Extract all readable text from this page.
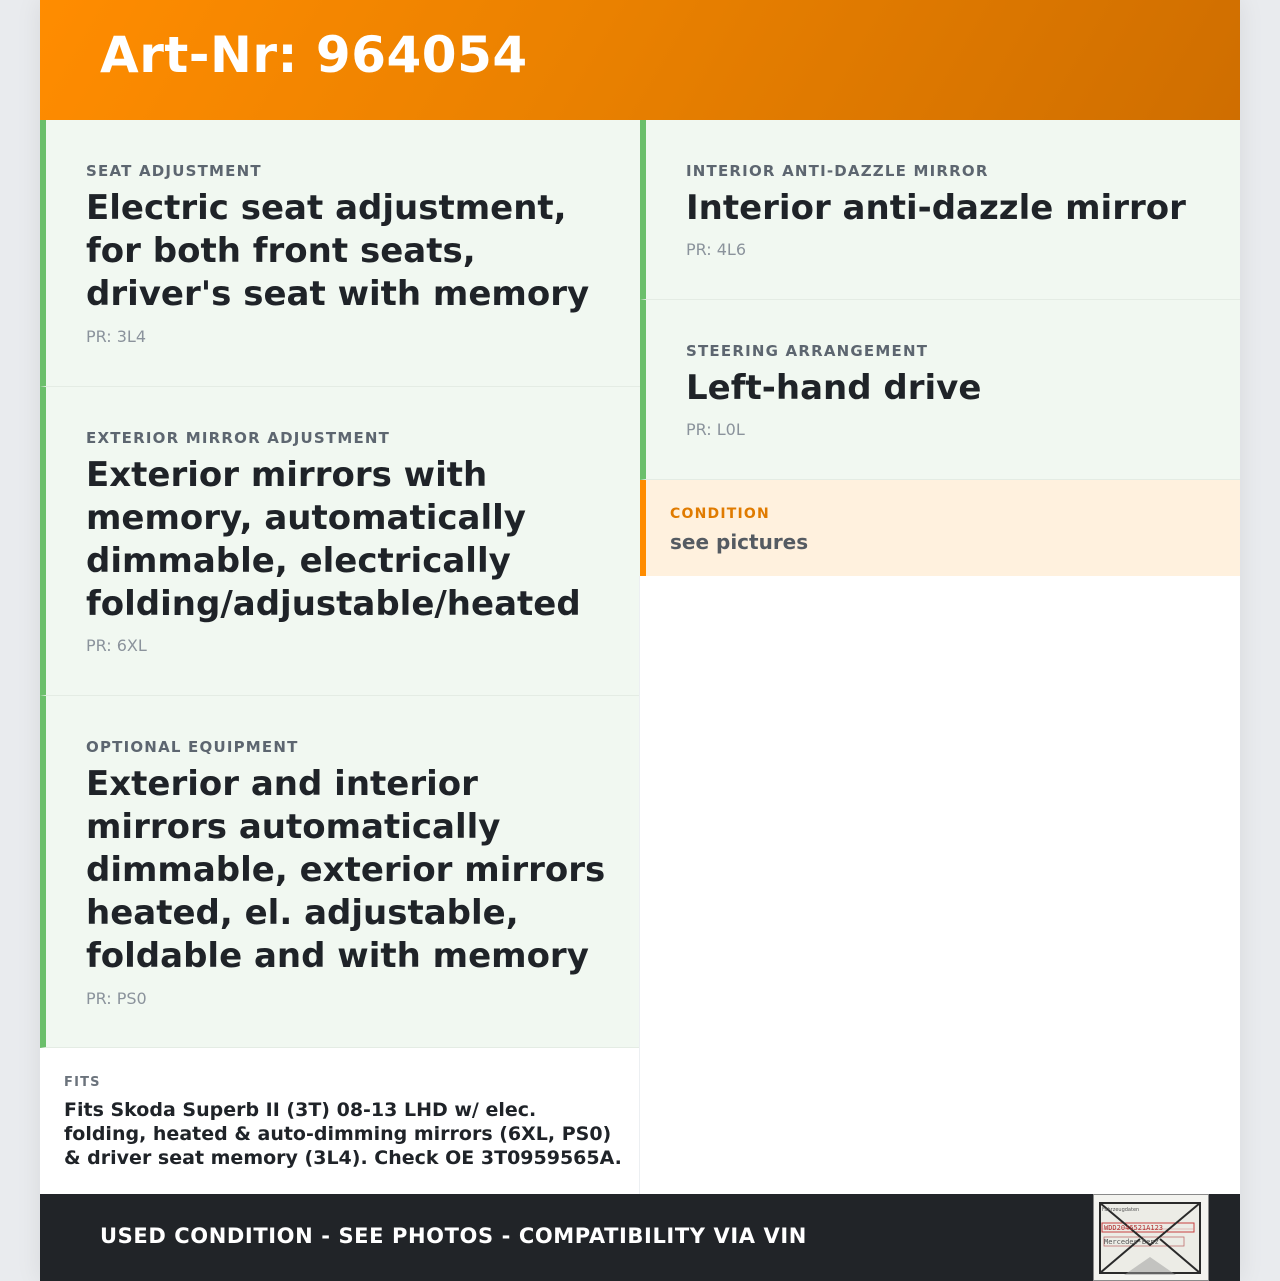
Art-Nr: 964054
SEAT ADJUSTMENT
Electric seat adjustment, for both front seats, driver's seat with memory
PR: 3L4
EXTERIOR MIRROR ADJUSTMENT
Exterior mirrors with memory, automatically dimmable, electrically folding/adjustable/heated
PR: 6XL
OPTIONAL EQUIPMENT
Exterior and interior mirrors automatically dimmable, exterior mirrors heated, el. adjustable, foldable and with memory
PR: PS0
INTERIOR ANTI-DAZZLE MIRROR
Interior anti-dazzle mirror
PR: 4L6
STEERING ARRANGEMENT
Left-hand drive
PR: L0L
CONDITION
see pictures
FITS
Fits Skoda Superb II (3T) 08-13 LHD w/ elec. folding, heated & auto-dimming mirrors (6XL, PS0) & driver seat memory (3L4). Check OE 3T0959565A.
USED CONDITION - SEE PHOTOS - COMPATIBILITY VIA VIN
Fahrzeugdaten
WDD2046521A123
Mercedes-Benz
